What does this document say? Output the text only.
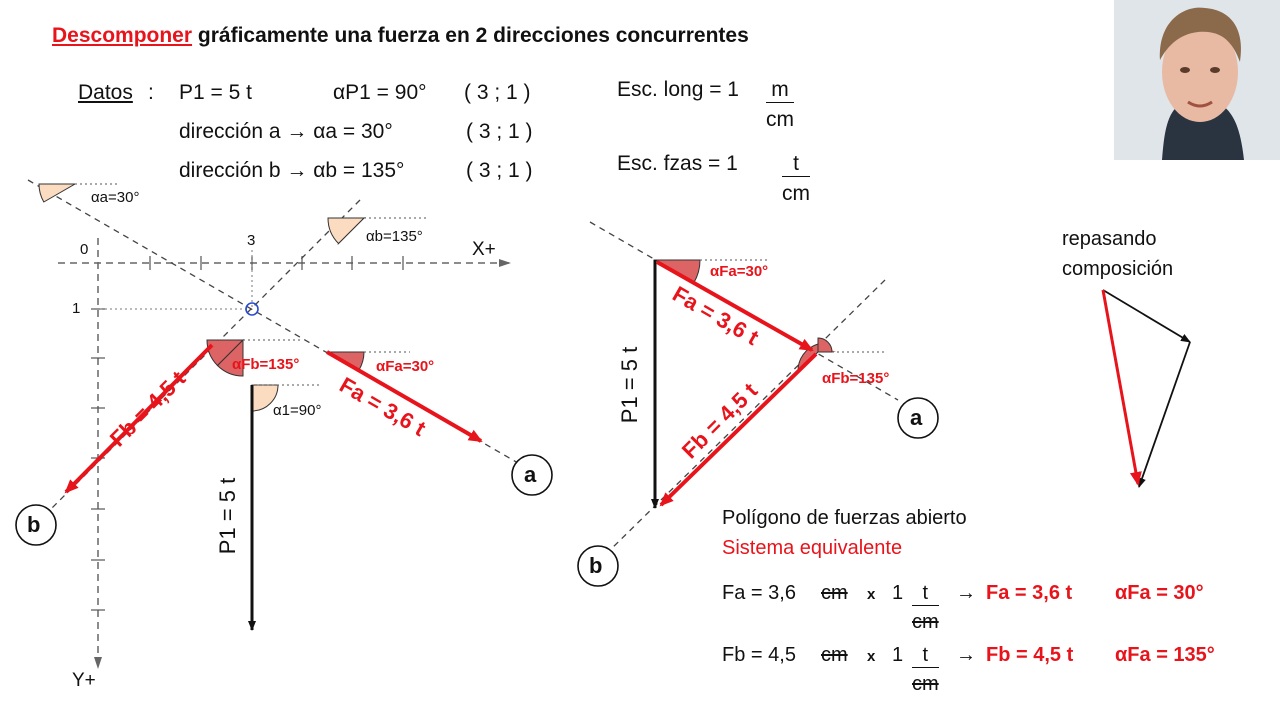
Descomponer gráficamente una fuerza en 2 direcciones concurrentes
Datos : P1 = 5 t	αP1 = 90° ( 3 ; 1 )
dirección a → αa = 30°	( 3 ; 1 )
dirección b → αb = 135°	( 3 ; 1 )
Esc. long = $1 \frac{m}{cm}$
Esc. fzas = $1 \frac{t}{cm}$
0
3
1
X+
Y+
αa=30°
αb=135°
α1=90°
αFb=135°	αFa=30°
Fb = 4,5 t	Fa = 3,6 t
P1 = 5 t
a
b
αFa=30°
αFb=135°
Fa = 3,6 t
Fb = 4,5 t
P1 = 5 t	a
b
repasando
composición
Polígono de fuerzas abierto
Sistema equivalente
Fa = 3,6 cm x $1 \frac{t}{cm} \to Fa = 3,6$ t αFa = 30°
Fb = 4,5 cm x $1 \frac{t}{cm} \to Fb = 4,5$ t αFa = 135°
